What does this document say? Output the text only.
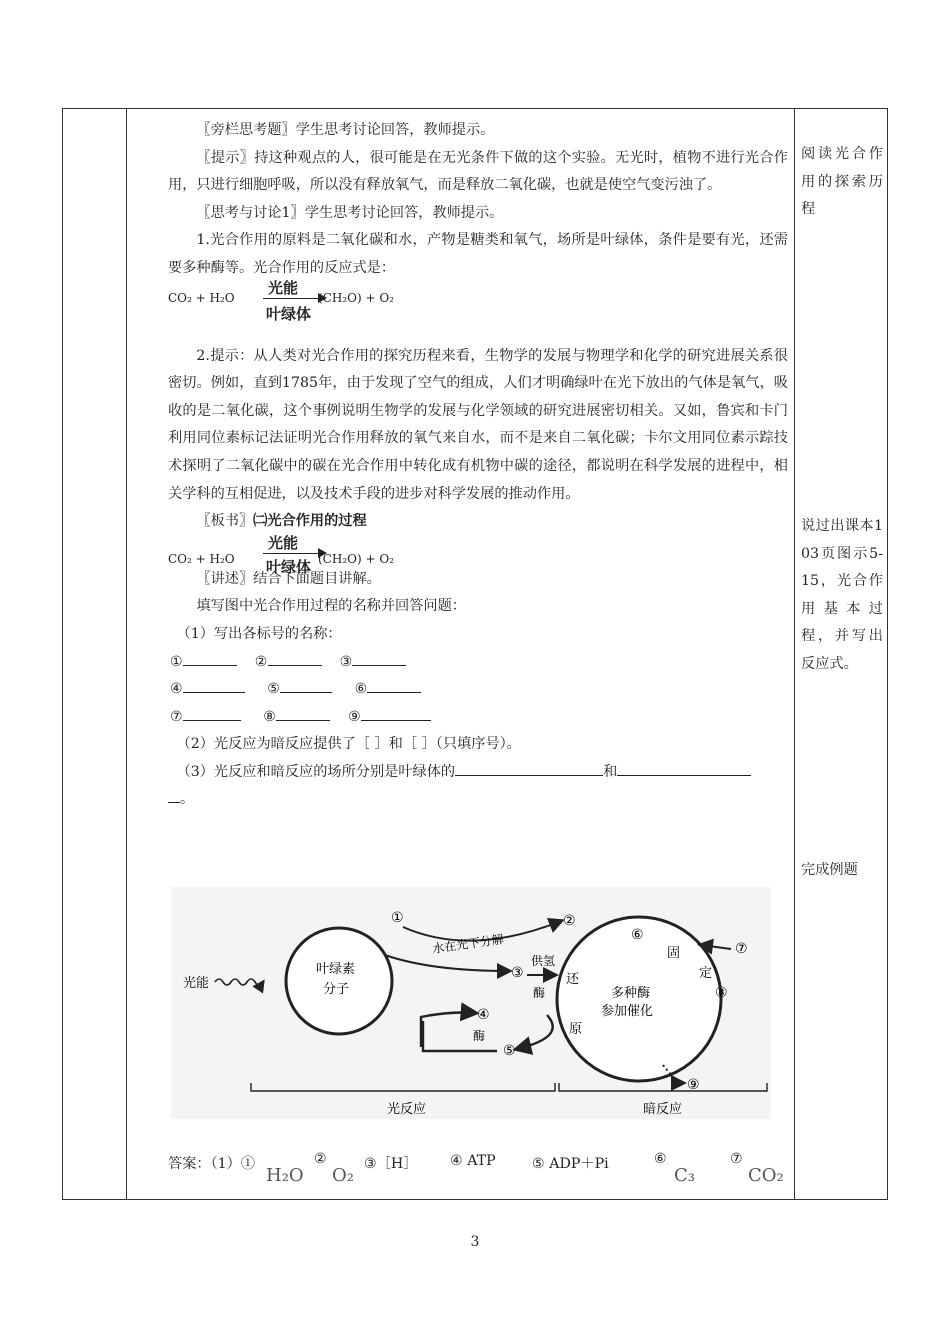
〖旁栏思考题〗学生思考讨论回答，教师提示。

〖提示〗持这种观点的人，很可能是在无光条件下做的这个实验。无光时，植物不进行光合作用，只进行细胞呼吸，所以没有释放氧气，而是释放二氧化碳，也就是使空气变污浊了。

〖思考与讨论1〗学生思考讨论回答，教师提示。

1.光合作用的原料是二氧化碳和水，产物是糖类和氧气，场所是叶绿体，条件是要有光，还需要多种酶等。光合作用的反应式是：

CO₂ + H₂O
光能
叶绿体
(CH₂O) + O₂

2.提示：从人类对光合作用的探究历程来看，生物学的发展与物理学和化学的研究进展关系很密切。例如，直到1785年，由于发现了空气的组成，人们才明确绿叶在光下放出的气体是氧气，吸收的是二氧化碳，这个事例说明生物学的发展与化学领域的研究进展密切相关。又如，鲁宾和卡门利用同位素标记法证明光合作用释放的氧气来自水，而不是来自二氧化碳；卡尔文用同位素示踪技术探明了二氧化碳中的碳在光合作用中转化成有机物中碳的途径，都说明在科学发展的进程中，相关学科的互相促进，以及技术手段的进步对科学发展的推动作用。

〖板书〗㈡光合作用的过程

CO₂ + H₂O
光能
叶绿体 (CH₂O) + O₂

〖讲述〗结合下面题目讲解。

填写图中光合作用过程的名称并回答问题：

（1）写出各标号的名称：

①	②	③

④	⑤	⑥

⑦	⑧	⑨

（2）光反应为暗反应提供了［ ］和［ ］（只填序号）。

（3）光反应和暗反应的场所分别是叶绿体的	和

。

阅读光合作用的探索历程
说过出课本103页图示5-15，光合作用基本过程，并写出反应式。
完成例题
光能
叶绿素
分子
①	②
水在光下分解
③
供氢
酶
④
酶
⑤
还
原
多种酶
参加催化
⑥
固
定
⑦
⑧
⑨
光反应	暗反应
答案：（1）①
H₂O
②
O₂
③［H］ ④ ATP	⑤ ADP＋Pi	⑥
C₃
⑦
CO₂
3
